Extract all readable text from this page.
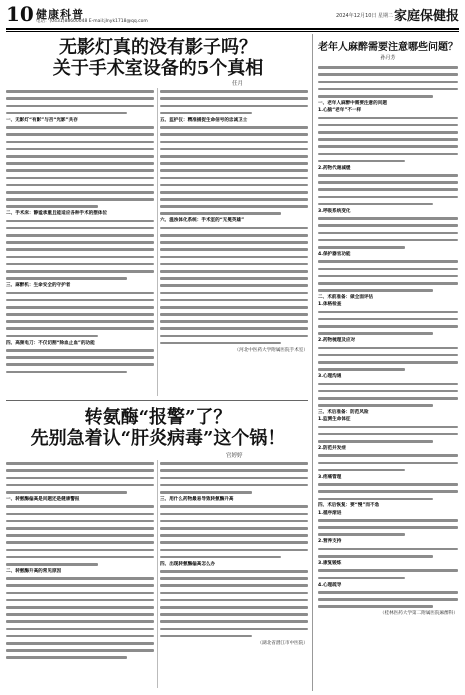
10 健康科普
电话：(0431)88600048 E-mail:jlnyk1718@qq.com
2024年12月10日 星期二 家庭保健报
无影灯真的没有影子吗？
关于手术室设备的5个真相
任月
一、无影灯“有影”与否“光影”共存
二、手术床：静谧承重且能适应各种手术的摆体位
三、麻醉机：生命安全的守护者
四、高频电刀：不仅切割“除血止血”的功能
五、监护仪：精准捕捉生命信号的忠诚卫士
六、温浊体化系统：手术室的“无冕英雄”
（河北中医药大学附属医院手术室）
转氨酶“报警”了？
先别急着认“肝炎病毒”这个锅！
官婷婷
一、转氨酶偏高是问题还是健康警报
二、转氨酶升高的常见原因
三、用什么药物最易导致转氨酶升高
四、出现转氨酶偏高怎么办
（湖北省潜江市中医院）
老年人麻醉需要注意哪些问题？
孙月芳
一、老年人麻醉中需要注意的问题
1.心脑“老年”不一样
2.药物代谢减缓
3.呼吸系统变化
4.保护器官功能
二、术前准备：做全面评估
1.体格检查
2.药物梳理及应对
3.心理沟通
三、术后准备：防范风险
1.监测生命体征
2.防范并发症
3.疼痛管理
四、术后恢复：要“慢”而不急
1.循序渐进
2.营养支持
3.康复锻炼
4.心理疏导
（桂林医药大学第二附属医院麻醉科）
